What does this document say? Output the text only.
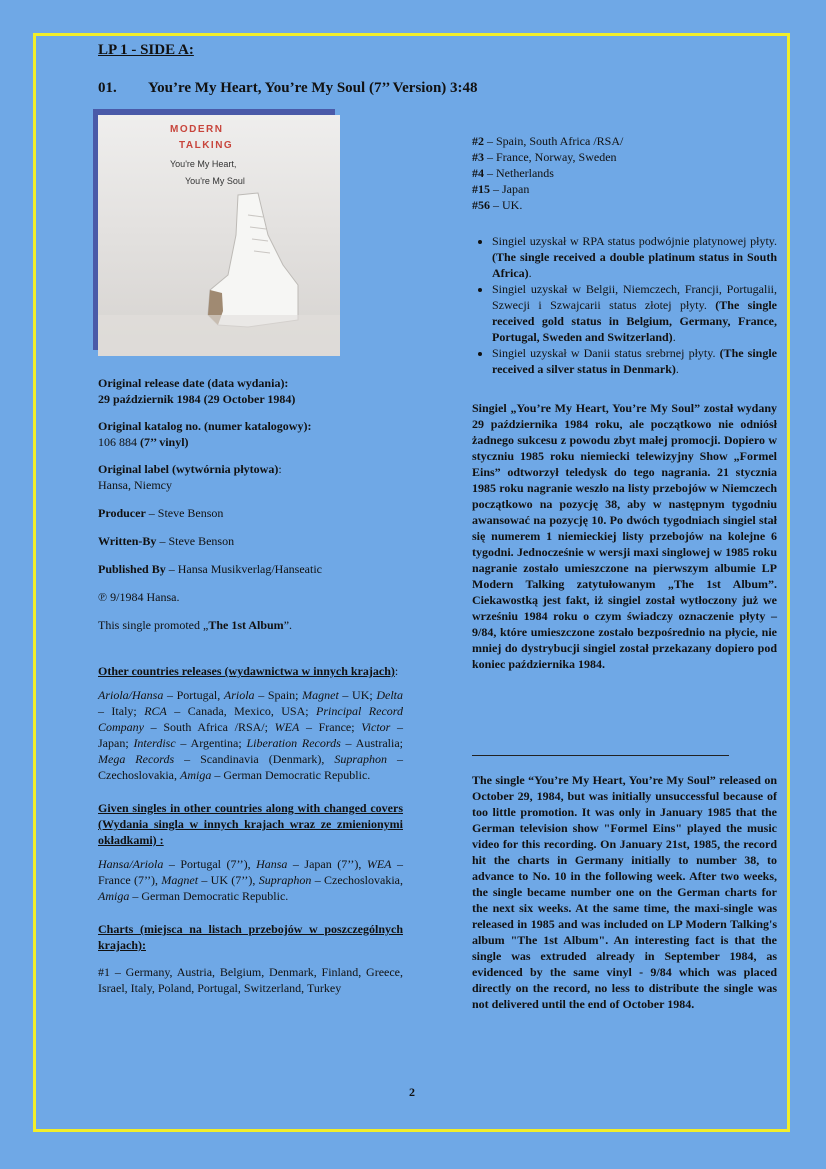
LP 1 - SIDE A:
01. You’re My Heart, You’re My Soul (7’’ Version) 3:48
MODERN
TALKING
You're My Heart,
You're My Soul
Original release date (data wydania):
29 październik 1984 (29 October 1984)
Original katalog no. (numer katalogowy):
106 884 (7’’ vinyl)
Original label (wytwórnia płytowa):
Hansa, Niemcy
Producer – Steve Benson
Written-By – Steve Benson
Published By – Hansa Musikverlag/Hanseatic
℗ 9/1984 Hansa.
This single promoted „The 1st Album”.
Other countries releases (wydawnictwa w innych krajach):
Ariola/Hansa – Portugal, Ariola – Spain; Magnet – UK; Delta – Italy; RCA – Canada, Mexico, USA; Principal Record Company – South Africa /RSA/; WEA – France; Victor – Japan; Interdisc – Argentina; Liberation Records – Australia; Mega Records – Scandinavia (Denmark), Supraphon – Czechoslovakia, Amiga – German Democratic Republic.
Given singles in other countries along with changed covers (Wydania singla w innych krajach wraz ze zmienionymi okładkami) :
Hansa/Ariola – Portugal (7’’), Hansa – Japan (7’’), WEA – France (7’’), Magnet – UK (7’’), Supraphon – Czechoslovakia, Amiga – German Democratic Republic.
Charts (miejsca na listach przebojów w poszczególnych krajach):
#1 – Germany, Austria, Belgium, Denmark, Finland, Greece, Israel, Italy, Poland, Portugal, Switzerland, Turkey
#2 – Spain, South Africa /RSA/
#3 – France, Norway, Sweden
#4 – Netherlands
#15 – Japan
#56 – UK.
• Singiel uzyskał w RPA status podwójnie platynowej płyty. (The single received a double platinum status in South Africa).
• Singiel uzyskał w Belgii, Niemczech, Francji, Portugalii, Szwecji i Szwajcarii status złotej płyty. (The single received gold status in Belgium, Germany, France, Portugal, Sweden and Switzerland).
• Singiel uzyskał w Danii status srebrnej płyty. (The single received a silver status in Denmark).
Singiel „You’re My Heart, You’re My Soul” został wydany 29 października 1984 roku, ale początkowo nie odniósł żadnego sukcesu z powodu zbyt małej promocji. Dopiero w styczniu 1985 roku niemiecki telewizyjny Show „Formel Eins” odtworzył teledysk do tego nagrania. 21 stycznia 1985 roku nagranie weszło na listy przebojów w Niemczech początkowo na pozycję 38, aby w następnym tygodniu awansować na pozycję 10. Po dwóch tygodniach singiel stał się numerem 1 niemieckiej listy przebojów na kolejne 6 tygodni. Jednocześnie w wersji maxi singlowej w 1985 roku nagranie zostało umieszczone na pierwszym albumie LP Modern Talking zatytułowanym „The 1st Album”. Ciekawostką jest fakt, iż singiel został wytłoczony już we wrześniu 1984 roku o czym świadczy oznaczenie płyty – 9/84, które umieszczone zostało bezpośrednio na płycie, nie mniej do dystrybucji singiel został przekazany dopiero pod koniec października 1984.
The single “You’re My Heart, You’re My Soul” released on October 29, 1984, but was initially unsuccessful because of too little promotion. It was only in January 1985 that the German television show "Formel Eins" played the music video for this recording. On January 21st, 1985, the record hit the charts in Germany initially to number 38, to advance to No. 10 in the following week. After two weeks, the single became number one on the German charts for the next six weeks. At the same time, the maxi-single was released in 1985 and was included on LP Modern Talking's album "The 1st Album". An interesting fact is that the single was extruded already in September 1984, as evidenced by the same vinyl - 9/84 which was placed directly on the record, no less to distribute the single was not delivered until the end of October 1984.
2
